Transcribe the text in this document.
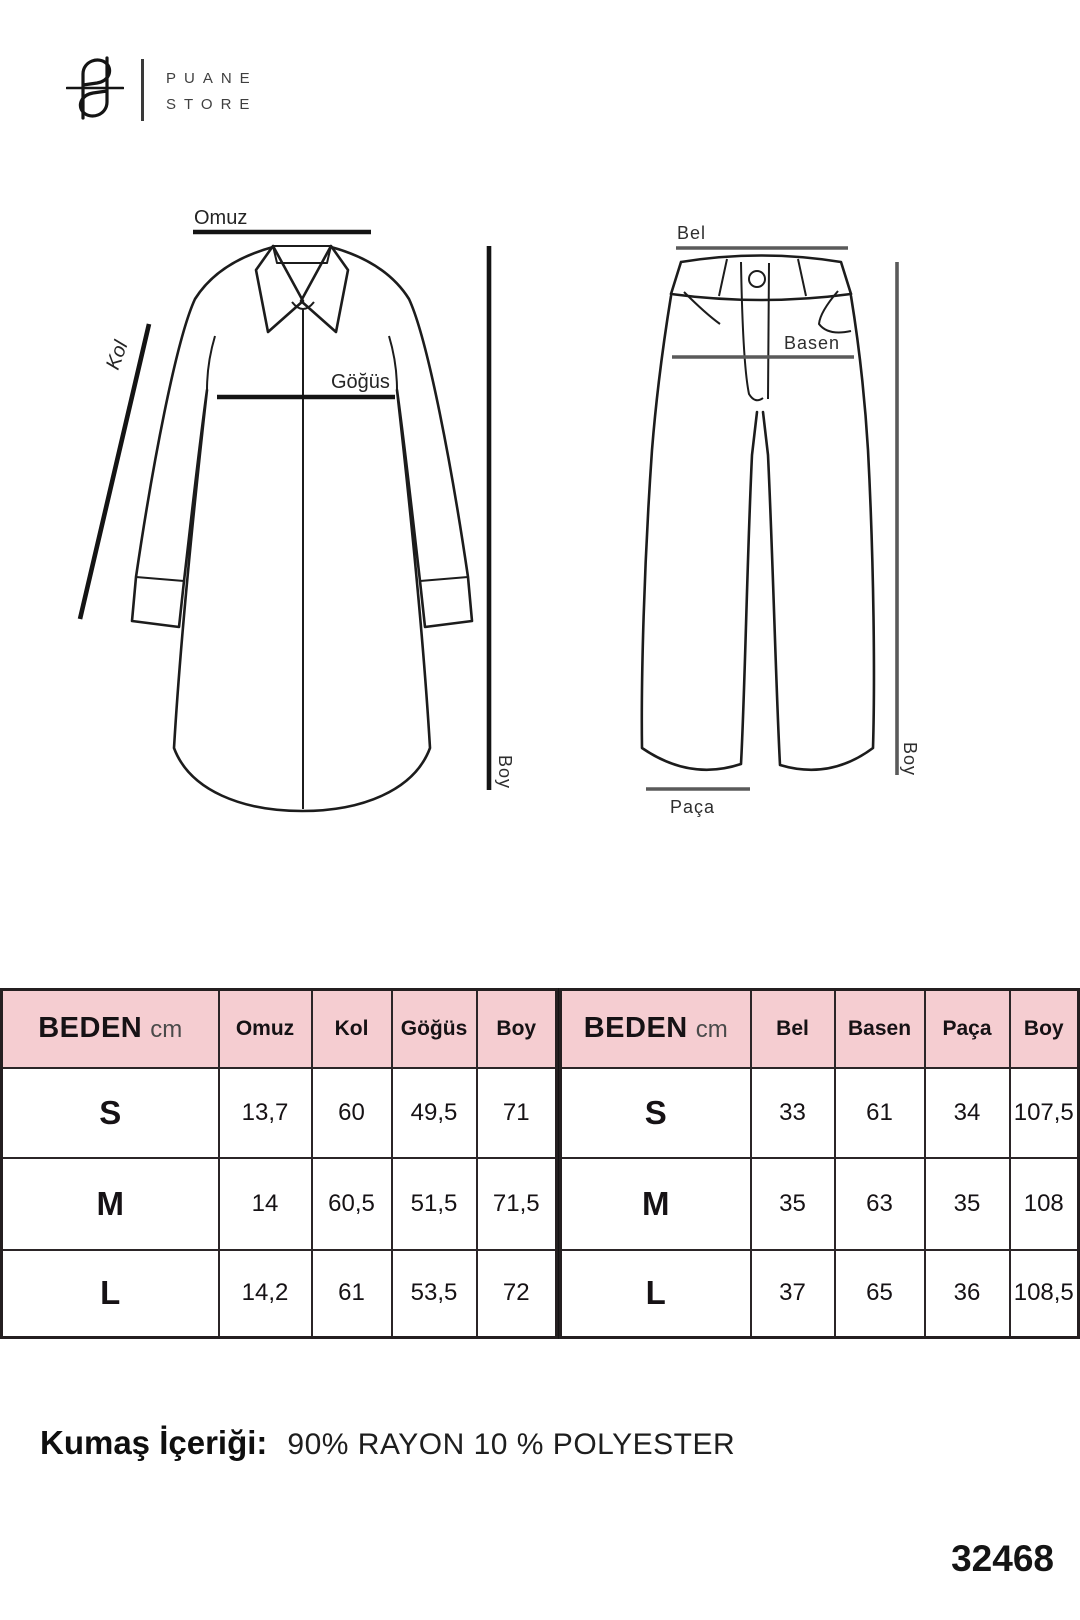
PUANE
STORE
Omuz
Kol
Göğüs
Boy
Bel
Basen
Paça
Boy
BEDEN cm	Omuz	Kol	Göğüs	Boy
S	13,7	60	49,5	71
M	14	60,5	51,5	71,5
L	14,2	61	53,5	72
BEDEN cm	Bel	Basen	Paça	Boy
S	33	61	34	107,5
M	35	63	35	108
L	37	65	36	108,5
Kumaş İçeriği: 90% RAYON 10 % POLYESTER
32468
